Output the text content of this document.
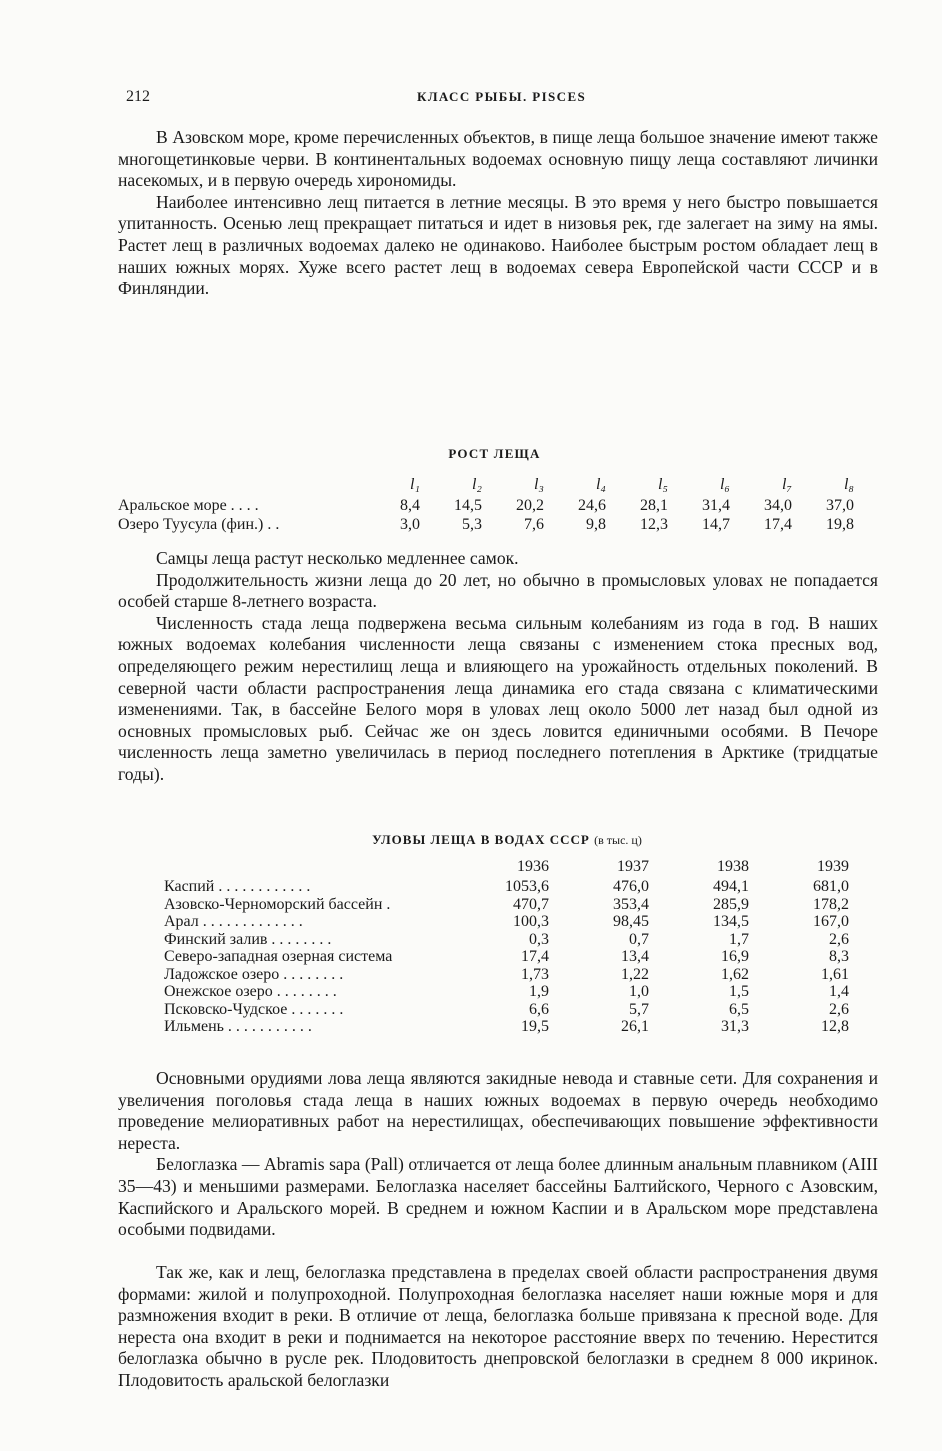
212	КЛАСС РЫБЫ. PISCES

В Азовском море, кроме перечисленных объектов, в пище леща большое значение имеют также многощетинковые черви. В континентальных водоемах основную пищу леща составляют личинки насекомых, и в первую очередь хирономиды.

Наиболее интенсивно лещ питается в летние месяцы. В это время у него быстро повышается упитанность. Осенью лещ прекращает питаться и идет в низовья рек, где залегает на зиму на ямы. Растет лещ в различных водоемах далеко не одинаково. Наиболее быстрым ростом обладает лещ в наших южных морях. Хуже всего растет лещ в водоемах севера Европейской части СССР и в Финляндии.

РОСТ ЛЕЩА
	l₁	l₂	l₃	l₄	l₅	l₆	l₇	l₈
Аральское море . . . .	8,4	14,5	20,2	24,6	28,1	31,4	34,0	37,0
Озеро Туусула (фин.) . .	3,0	5,3	7,6	9,8	12,3	14,7	17,4	19,8

Самцы леща растут несколько медленнее самок.

Продолжительность жизни леща до 20 лет, но обычно в промысловых уловах не попадается особей старше 8-летнего возраста.

Численность стада леща подвержена весьма сильным колебаниям из года в год. В наших южных водоемах колебания численности леща связаны с изменением стока пресных вод, определяющего режим нерестилищ леща и влияющего на урожайность отдельных поколений. В северной части области распространения леща динамика его стада связана с климатическими изменениями. Так, в бассейне Белого моря в уловах лещ около 5000 лет назад был одной из основных промысловых рыб. Сейчас же он здесь ловится единичными особями. В Печоре численность леща заметно увеличилась в период последнего потепления в Арктике (тридцатые годы).

УЛОВЫ ЛЕЩА В ВОДАХ СССР (в тыс. ц)
	1936	1937	1938	1939
Каспий . . . . . . . . . . . .	1053,6	476,0	494,1	681,0
Азовско-Черноморский бассейн .	470,7	353,4	285,9	178,2
Арал . . . . . . . . . . . . .	100,3	98,45	134,5	167,0
Финский залив . . . . . . . .	0,3	0,7	1,7	2,6
Северо-западная озерная система	17,4	13,4	16,9	8,3
Ладожское озеро . . . . . . . .	1,73	1,22	1,62	1,61
Онежское озеро . . . . . . . .	1,9	1,0	1,5	1,4
Псковско-Чудское . . . . . . .	6,6	5,7	6,5	2,6
Ильмень . . . . . . . . . . .	19,5	26,1	31,3	12,8

Основными орудиями лова леща являются закидные невода и ставные сети. Для сохранения и увеличения поголовья стада леща в наших южных водоемах в первую очередь необходимо проведение мелиоративных работ на нерестилищах, обеспечивающих повышение эффективности нереста.

Белоглазка — Abramis sapa (Pall) отличается от леща более длинным анальным плавником (АIII 35—43) и меньшими размерами. Белоглазка населяет бассейны Балтийского, Черного с Азовским, Каспийского и Аральского морей. В среднем и южном Каспии и в Аральском море представлена особыми подвидами.

Так же, как и лещ, белоглазка представлена в пределах своей области распространения двумя формами: жилой и полупроходной. Полупроходная белоглазка населяет наши южные моря и для размножения входит в реки. В отличие от леща, белоглазка больше привязана к пресной воде. Для нереста она входит в реки и поднимается на некоторое расстояние вверх по течению. Нерестится белоглазка обычно в русле рек. Плодовитость днепровской белоглазки в среднем 8 000 икринок. Плодовитость аральской белоглазки
